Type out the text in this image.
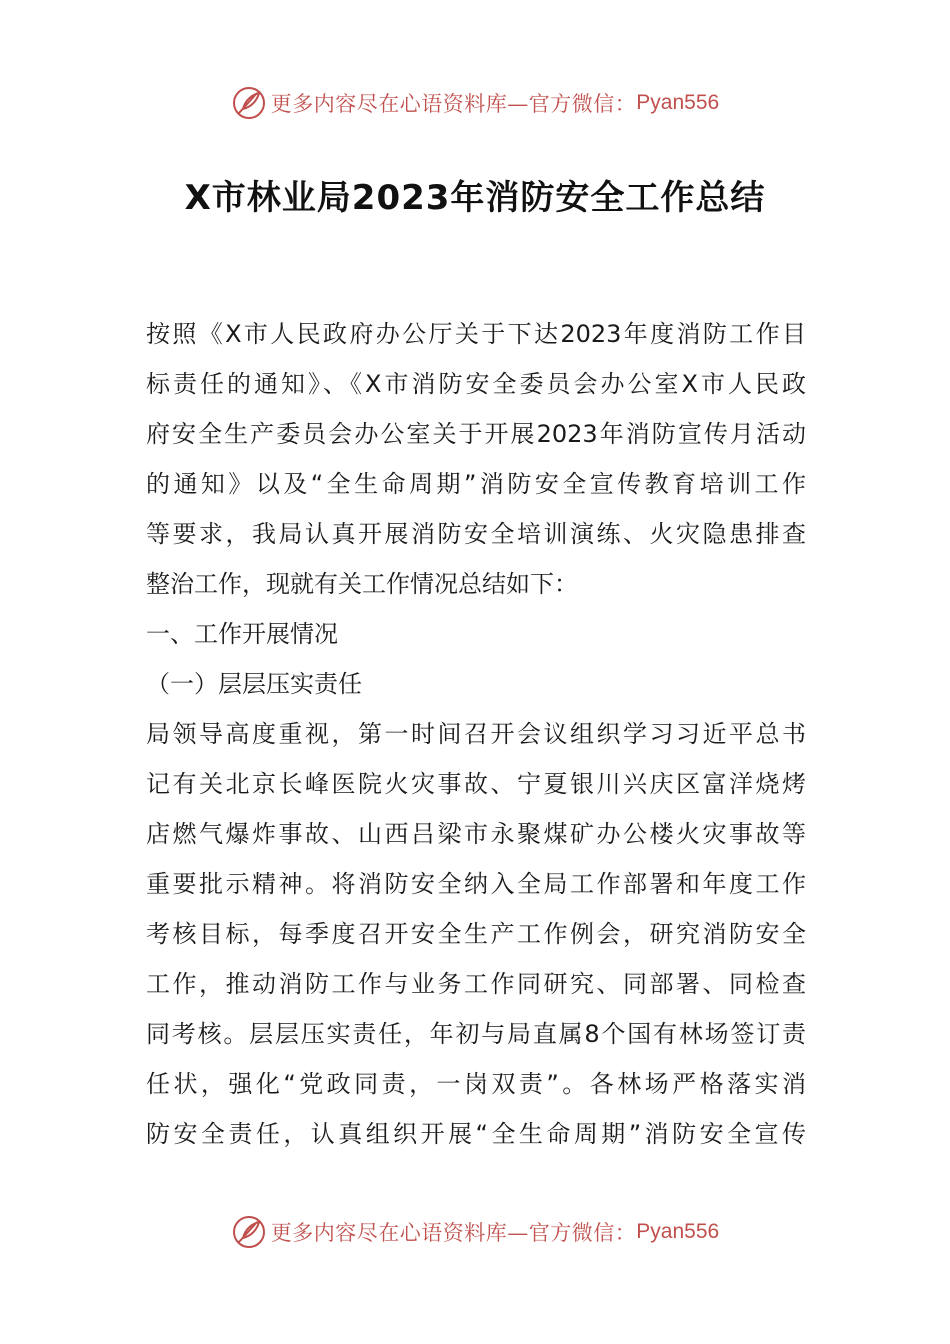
更多内容尽在心语资料库—官方微信： Pyan556
X市林业局2023年消防安全工作总结
按照《X市人民政府办公厅关于下达2023年度消防工作目
标责任的通知》、《X市消防安全委员会办公室X市人民政
府安全生产委员会办公室关于开展2023年消防宣传月活动
的通知》以及“全生命周期”消防安全宣传教育培训工作
等要求，我局认真开展消防安全培训演练、火灾隐患排查
整治工作，现就有关工作情况总结如下：
一、工作开展情况
（一）层层压实责任
局领导高度重视，第一时间召开会议组织学习习近平总书
记有关北京长峰医院火灾事故、宁夏银川兴庆区富洋烧烤
店燃气爆炸事故、山西吕梁市永聚煤矿办公楼火灾事故等
重要批示精神。将消防安全纳入全局工作部署和年度工作
考核目标，每季度召开安全生产工作例会，研究消防安全
工作，推动消防工作与业务工作同研究、同部署、同检查
同考核。层层压实责任，年初与局直属8个国有林场签订责
任状，强化“党政同责，一岗双责”。各林场严格落实消
防安全责任，认真组织开展“全生命周期”消防安全宣传
更多内容尽在心语资料库—官方微信： Pyan556
